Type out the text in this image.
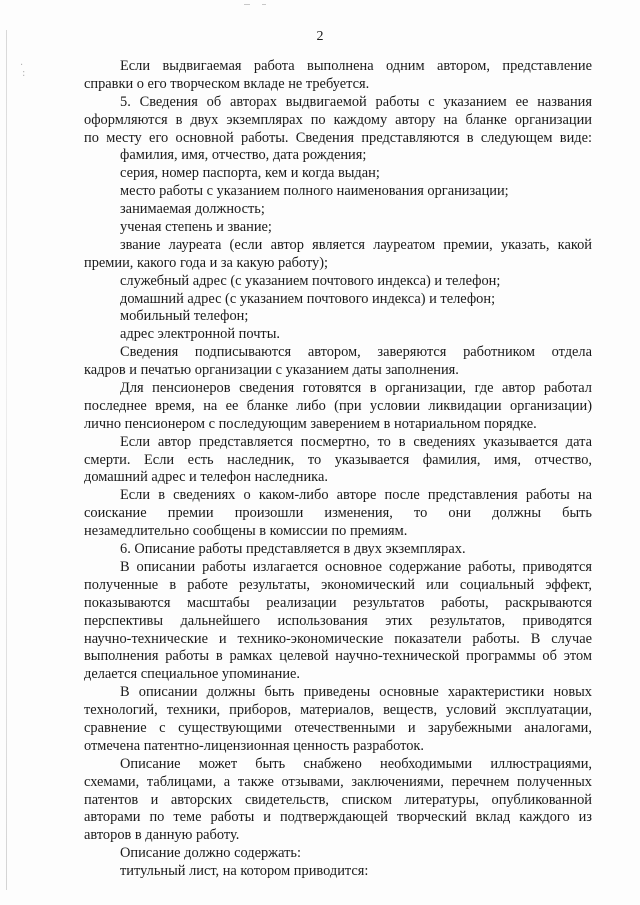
·
:
2
Если выдвигаемая работа выполнена одним автором, представление
справки о его творческом вкладе не требуется.
5. Сведения об авторах выдвигаемой работы с указанием ее названия
оформляются в двух экземплярах по каждому автору на бланке организации
по месту его основной работы. Сведения представляются в следующем виде:
фамилия, имя, отчество, дата рождения;
серия, номер паспорта, кем и когда выдан;
место работы с указанием полного наименования организации;
занимаемая должность;
ученая степень и звание;
звание лауреата (если автор является лауреатом премии, указать, какой
премии, какого года и за какую работу);
служебный адрес (с указанием почтового индекса) и телефон;
домашний адрес (с указанием почтового индекса) и телефон;
мобильный телефон;
адрес электронной почты.
Сведения подписываются автором, заверяются работником отдела
кадров и печатью организации с указанием даты заполнения.
Для пенсионеров сведения готовятся в организации, где автор работал
последнее время, на ее бланке либо (при условии ликвидации организации)
лично пенсионером с последующим заверением в нотариальном порядке.
Если автор представляется посмертно, то в сведениях указывается дата
смерти. Если есть наследник, то указывается фамилия, имя, отчество,
домашний адрес и телефон наследника.
Если в сведениях о каком-либо авторе после представления работы на
соискание премии произошли изменения, то они должны быть
незамедлительно сообщены в комиссии по премиям.
6. Описание работы представляется в двух экземплярах.
В описании работы излагается основное содержание работы, приводятся
полученные в работе результаты, экономический или социальный эффект,
показываются масштабы реализации результатов работы, раскрываются
перспективы дальнейшего использования этих результатов, приводятся
научно-технические и технико-экономические показатели работы. В случае
выполнения работы в рамках целевой научно-технической программы об этом
делается специальное упоминание.
В описании должны быть приведены основные характеристики новых
технологий, техники, приборов, материалов, веществ, условий эксплуатации,
сравнение с существующими отечественными и зарубежными аналогами,
отмечена патентно-лицензионная ценность разработок.
Описание может быть снабжено необходимыми иллюстрациями,
схемами, таблицами, а также отзывами, заключениями, перечнем полученных
патентов и авторских свидетельств, списком литературы, опубликованной
авторами по теме работы и подтверждающей творческий вклад каждого из
авторов в данную работу.
Описание должно содержать:
титульный лист, на котором приводится:
